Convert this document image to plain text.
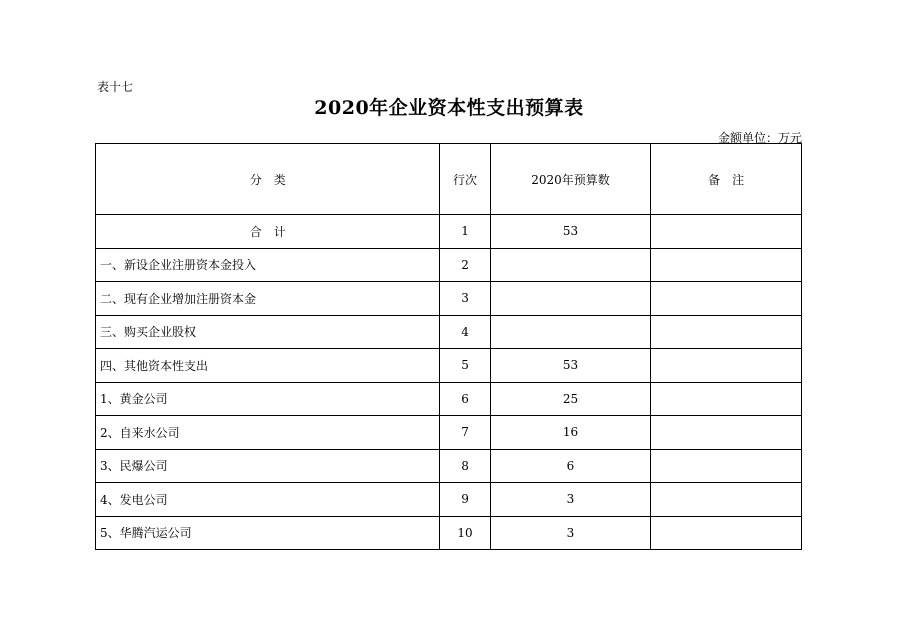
表十七
2020年企业资本性支出预算表
金额单位：万元
分　类	行次	2020年预算数	备　注
合　计	1	53	
一、新设企业注册资本金投入	2		
二、现有企业增加注册资本金	3		
三、购买企业股权	4		
四、其他资本性支出	5	53	
1、黄金公司	6	25	
2、自来水公司	7	16	
3、民爆公司	8	6	
4、发电公司	9	3	
5、华腾汽运公司	10	3	
